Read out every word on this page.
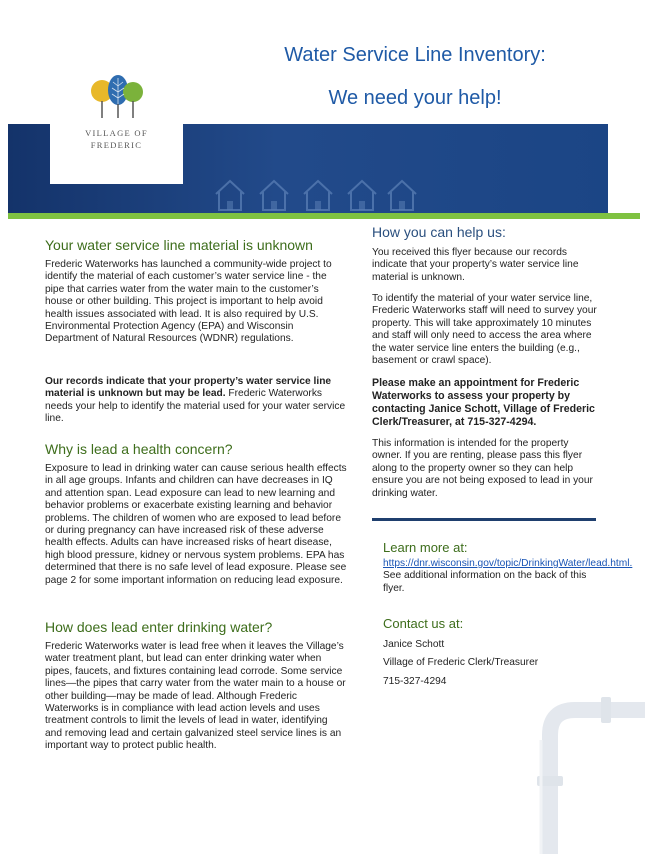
Water Service Line Inventory:
We need your help!
VILLAGE OF
FREDERIC
Your water service line material is unknown
Frederic Waterworks has launched a community-wide project to identify the material of each customer’s water service line - the pipe that carries water from the water main to the customer’s house or other building. This project is important to help avoid health issues associated with lead. It is also required by U.S. Environmental Protection Agency (EPA) and Wisconsin Department of Natural Resources (WDNR) regulations.
Our records indicate that your property’s water service line material is unknown but may be lead. Frederic Waterworks needs your help to identify the material used for your water service line.
Why is lead a health concern?
Exposure to lead in drinking water can cause serious health effects in all age groups. Infants and children can have decreases in IQ and attention span. Lead exposure can lead to new learning and behavior problems or exacerbate existing learning and behavior problems. The children of women who are exposed to lead before or during pregnancy can have increased risk of these adverse health effects. Adults can have increased risks of heart disease, high blood pressure, kidney or nervous system problems. EPA has determined that there is no safe level of lead exposure. Please see page 2 for some important information on reducing lead exposure.
How does lead enter drinking water?
Frederic Waterworks water is lead free when it leaves the Village’s water treatment plant, but lead can enter drinking water when pipes, faucets, and fixtures containing lead corrode. Some service lines—the pipes that carry water from the water main to a house or other building—may be made of lead. Although Frederic Waterworks is in compliance with lead action levels and uses treatment controls to limit the levels of lead in water, identifying and removing lead and certain galvanized steel service lines is an important way to protect public health.
How you can help us:
You received this flyer because our records indicate that your property’s water service line material is unknown.
To identify the material of your water service line, Frederic Waterworks staff will need to survey your property. This will take approximately 10 minutes and staff will only need to access the area where the water service line enters the building (e.g., basement or crawl space).
Please make an appointment for Frederic Waterworks to assess your property by contacting Janice Schott, Village of Frederic Clerk/Treasurer, at 715-327-4294.
This information is intended for the property owner. If you are renting, please pass this flyer along to the property owner so they can help ensure you are not being exposed to lead in your drinking water.
Learn more at:
https://dnr.wisconsin.gov/topic/DrinkingWater/lead.html. See additional information on the back of this flyer.
Contact us at:
Janice Schott
Village of Frederic Clerk/Treasurer
715-327-4294
